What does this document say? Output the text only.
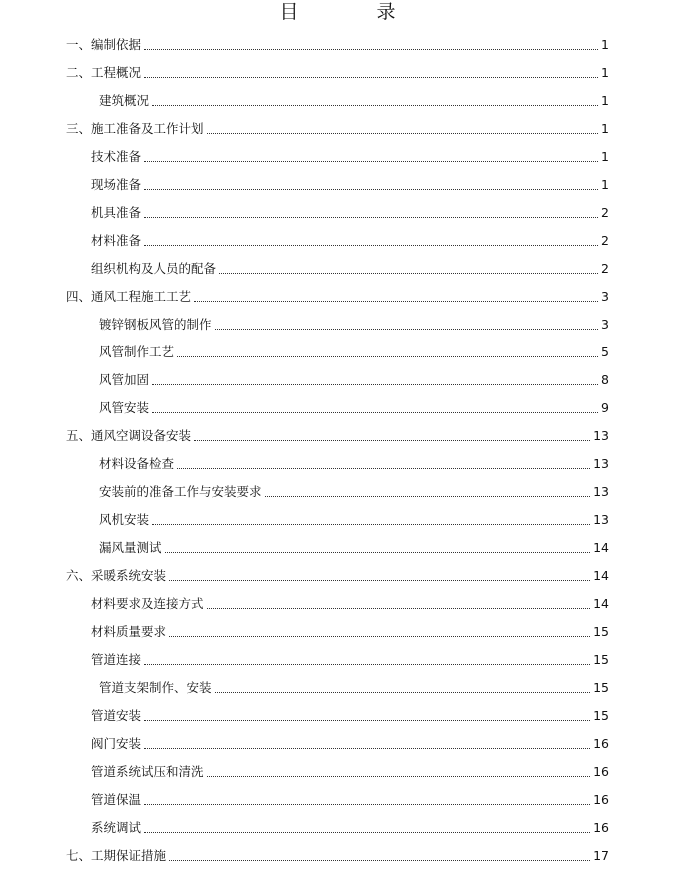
目 录
一、编制依据	1
二、工程概况	1
建筑概况	1
三、施工准备及工作计划	1
技术准备	1
现场准备	1
机具准备	2
材料准备	2
组织机构及人员的配备	2
四、通风工程施工工艺	3
镀锌钢板风管的制作	3
风管制作工艺	5
风管加固	8
风管安装	9
五、通风空调设备安装	13
材料设备检查	13
安装前的准备工作与安装要求	13
风机安装	13
漏风量测试	14
六、采暖系统安装	14
材料要求及连接方式	14
材料质量要求	15
管道连接	15
管道支架制作、安装	15
管道安装	15
阀门安装	16
管道系统试压和清洗	16
管道保温	16
系统调试	16
七、工期保证措施	17
